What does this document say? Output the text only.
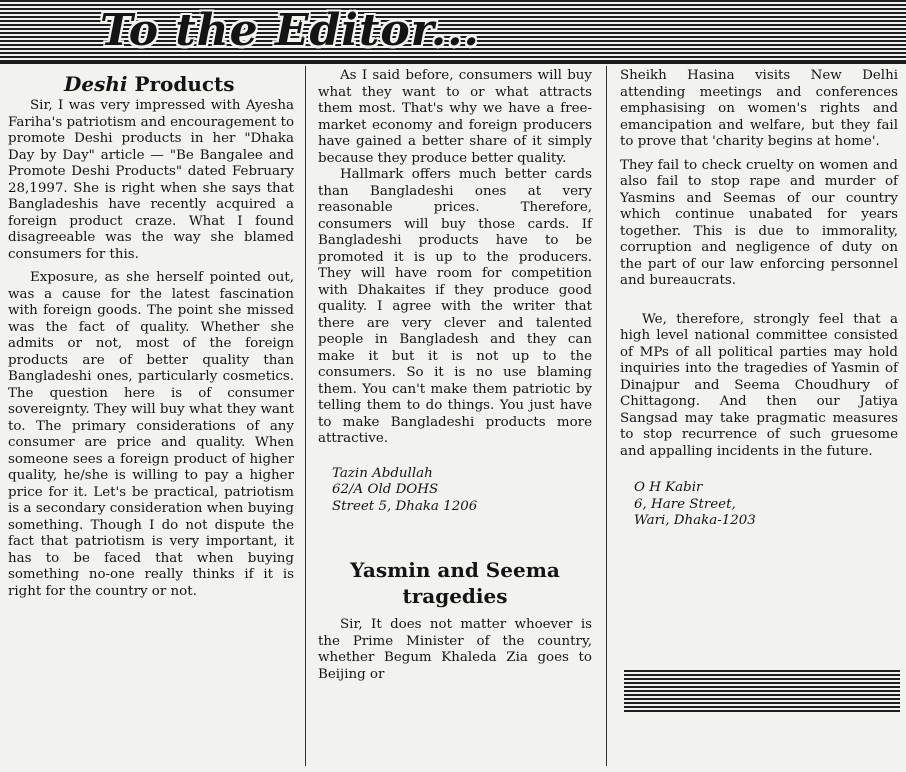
To the Editor...
Deshi Products

Sir, I was very impressed with Ayesha Fariha's patriotism and encouragement to promote Deshi products in her "Dhaka Day by Day" article — "Be Bangalee and Promote Deshi Products" dated February 28,1997. She is right when she says that Bangladeshis have recently acquired a foreign product craze. What I found disagreeable was the way she blamed consumers for this.

Exposure, as she herself pointed out, was a cause for the latest fascination with foreign goods. The point she missed was the fact of quality. Whether she admits or not, most of the foreign products are of better quality than Bangladeshi ones, particularly cosmetics. The question here is of consumer sovereignty. They will buy what they want to. The primary considerations of any consumer are price and quality. When someone sees a foreign product of higher quality, he/she is willing to pay a higher price for it. Let's be practical, patriotism is a secondary consideration when buying something. Though I do not dispute the fact that patriotism is very important, it has to be faced that when buying something no-one really thinks if it is right for the country or not.

As I said before, consumers will buy what they want to or what attracts them most. That's why we have a free-market economy and foreign producers have gained a better share of it simply because they produce better quality.

Hallmark offers much better cards than Bangladeshi ones at very reasonable prices. Therefore, consumers will buy those cards. If Bangladeshi products have to be promoted it is up to the producers. They will have room for competition with Dhakaites if they produce good quality. I agree with the writer that there are very clever and talented people in Bangladesh and they can make it but it is not up to the consumers. So it is no use blaming them. You can't make them patriotic by telling them to do things. You just have to make Bangladeshi products more attractive.

Tazin Abdullah
62/A Old DOHS
Street 5, Dhaka 1206
Yasmin and Seema
tragedies

Sir, It does not matter whoever is the Prime Minister of the country, whether Begum Khaleda Zia goes to Beijing or

Sheikh Hasina visits New Delhi attending meetings and conferences emphasising on women's rights and emancipation and welfare, but they fail to prove that 'charity begins at home'.

They fail to check cruelty on women and also fail to stop rape and murder of Yasmins and Seemas of our country which continue unabated for years together. This is due to immorality, corruption and negligence of duty on the part of our law enforcing personnel and bureaucrats.

We, therefore, strongly feel that a high level national committee consisted of MPs of all political parties may hold inquiries into the tragedies of Yasmin of Dinajpur and Seema Choudhury of Chittagong. And then our Jatiya Sangsad may take pragmatic measures to stop recurrence of such gruesome and appalling incidents in the future.

O H Kabir
6, Hare Street,
Wari, Dhaka-1203
